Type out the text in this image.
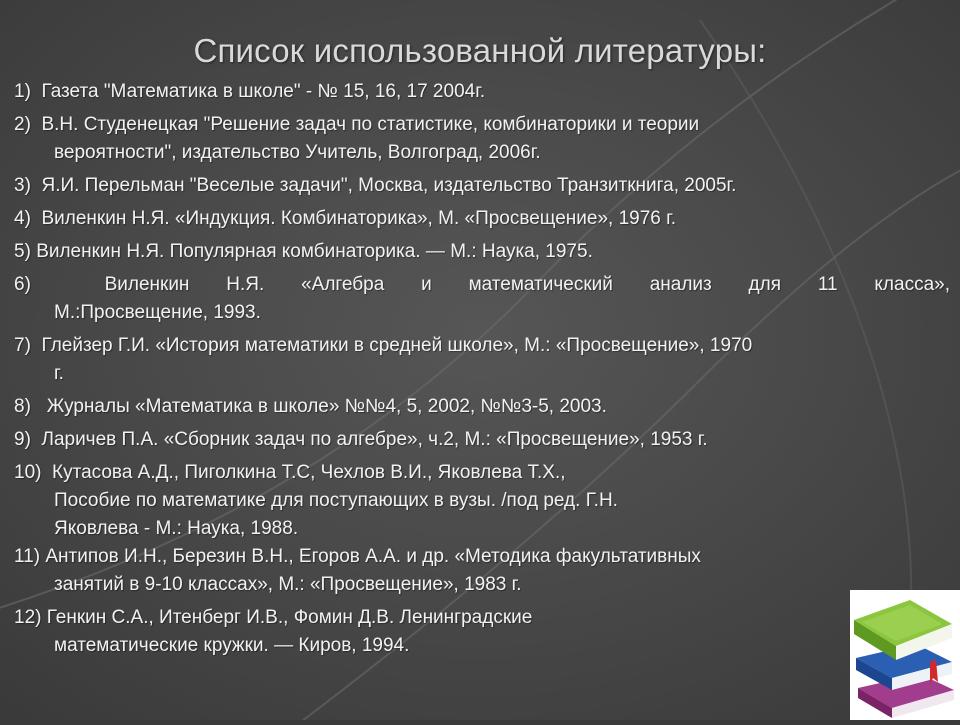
Список использованной литературы:
1) Газета "Математика в школе" - № 15, 16, 17 2004г.
2) В.Н. Студенецкая "Решение задач по статистике, комбинаторики и теории
вероятности", издательство Учитель, Волгоград, 2006г.
3) Я.И. Перельман "Веселые задачи", Москва, издательство Транзиткнига, 2005г.
4) Виленкин Н.Я. «Индукция. Комбинаторика», М. «Просвещение», 1976 г.
5) Виленкин Н.Я. Популярная комбинаторика. — М.: Наука, 1975.
6)	Виленкин Н.Я. «Алгебра и математический анализ для 11 класса»,
М.:Просвещение, 1993.
7) Глейзер Г.И. «История математики в средней школе», М.: «Просвещение», 1970
г.
8) Журналы «Математика в школе» №№4, 5, 2002, №№3-5, 2003.
9) Ларичев П.А. «Сборник задач по алгебре», ч.2, М.: «Просвещение», 1953 г.
10) Кутасова А.Д., Пиголкина Т.С, Чехлов В.И., Яковлева Т.Х.,
Пособие по математике для поступающих в вузы. /под ред. Г.Н.
Яковлева - М.: Наука, 1988.
11) Антипов И.Н., Березин В.Н., Егоров А.А. и др. «Методика факультативных
занятий в 9-10 классах», М.: «Просвещение», 1983 г.
12) Генкин С.А., Итенберг И.В., Фомин Д.В. Ленинградские
математические кружки. — Киров, 1994.
